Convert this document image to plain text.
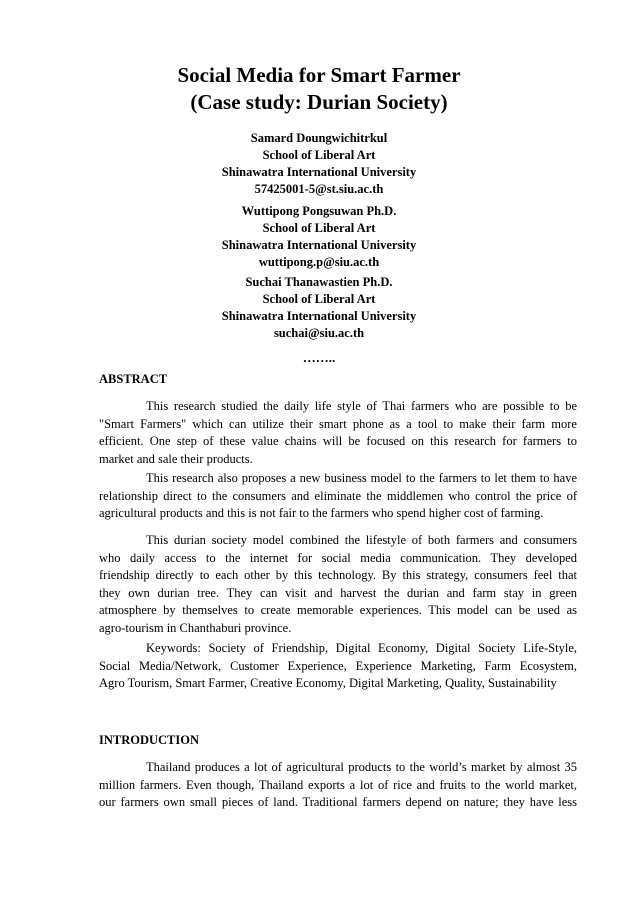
Social Media for Smart Farmer
(Case study: Durian Society)
Samard Doungwichitrkul
School of Liberal Art
Shinawatra International University
57425001-5@st.siu.ac.th
Wuttipong Pongsuwan Ph.D.
School of Liberal Art
Shinawatra International University
wuttipong.p@siu.ac.th
Suchai Thanawastien Ph.D.
School of Liberal Art
Shinawatra International University
suchai@siu.ac.th
……..
ABSTRACT
This research studied the daily life style of Thai farmers who are possible to be
"Smart Farmers" which can utilize their smart phone as a tool to make their farm more
efficient. One step of these value chains will be focused on this research for farmers to
market and sale their products.
This research also proposes a new business model to the farmers to let them to have
relationship direct to the consumers and eliminate the middlemen who control the price of
agricultural products and this is not fair to the farmers who spend higher cost of farming.
This durian society model combined the lifestyle of both farmers and consumers
who daily access to the internet for social media communication. They developed
friendship directly to each other by this technology. By this strategy, consumers feel that
they own durian tree. They can visit and harvest the durian and farm stay in green
atmosphere by themselves to create memorable experiences. This model can be used as
agro-tourism in Chanthaburi province.
Keywords: Society of Friendship, Digital Economy, Digital Society Life-Style,
Social Media/Network, Customer Experience, Experience Marketing, Farm Ecosystem,
Agro Tourism, Smart Farmer, Creative Economy, Digital Marketing, Quality, Sustainability
INTRODUCTION
Thailand produces a lot of agricultural products to the world’s market by almost 35
million farmers. Even though, Thailand exports a lot of rice and fruits to the world market,
our farmers own small pieces of land. Traditional farmers depend on nature; they have less
